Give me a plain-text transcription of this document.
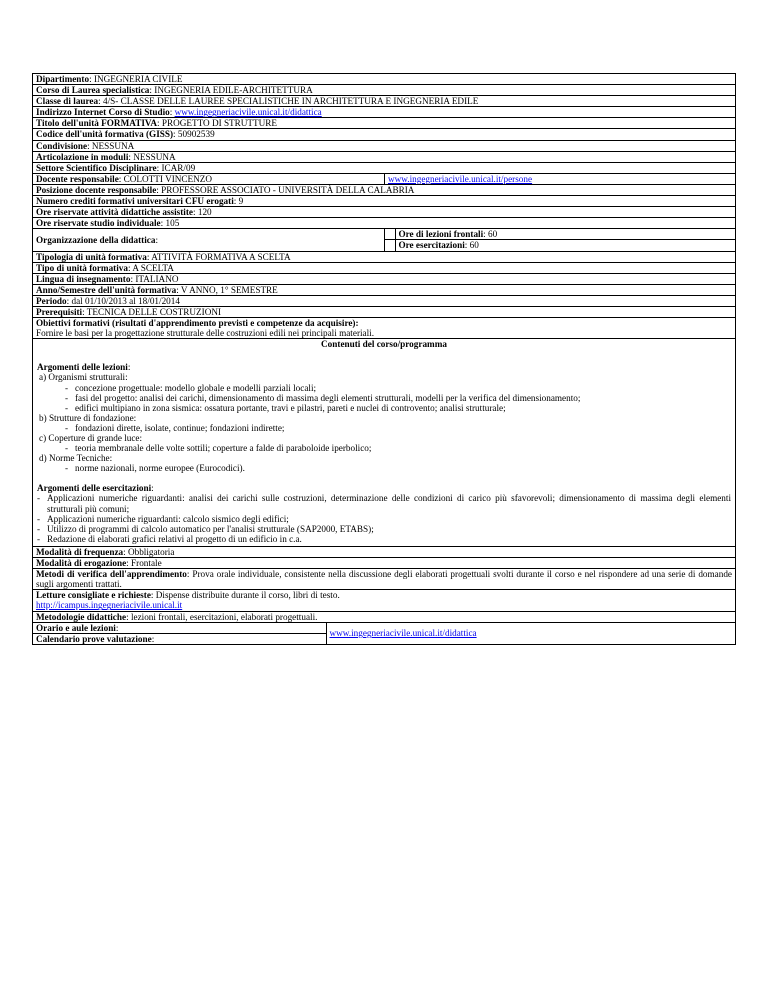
Dipartimento: INGEGNERIA CIVILE
Corso di Laurea specialistica: INGEGNERIA EDILE-ARCHITETTURA
Classe di laurea: 4/S- CLASSE DELLE LAUREE SPECIALISTICHE IN ARCHITETTURA E INGEGNERIA EDILE
Indirizzo Internet Corso di Studio: www.ingegneriacivile.unical.it/didattica
Titolo dell'unità FORMATIVA: PROGETTO DI STRUTTURE
Codice dell'unità formativa (GISS): 50902539
Condivisione: NESSUNA
Articolazione in moduli: NESSUNA
Settore Scientifico Disciplinare: ICAR/09
Docente responsabile: COLOTTI VINCENZO	www.ingegneriacivile.unical.it/persone
Posizione docente responsabile: PROFESSORE ASSOCIATO - UNIVERSITÀ DELLA CALABRIA
Numero crediti formativi universitari CFU erogati: 9
Ore riservate attività didattiche assistite: 120
Ore riservate studio individuale: 105
Organizzazione della didattica:	
	Ore di lezioni frontali: 60
	Ore esercitazioni: 60

Tipologia di unità formativa: ATTIVITÀ FORMATIVA A SCELTA
Tipo di unità formativa: A SCELTA
Lingua di insegnamento: ITALIANO
Anno/Semestre dell'unità formativa: V ANNO, 1° SEMESTRE
Periodo: dal 01/10/2013 al 18/01/2014
Prerequisiti: TECNICA DELLE COSTRUZIONI
Obiettivi formativi (risultati d'apprendimento previsti e competenze da acquisire):
Fornire le basi per la progettazione strutturale delle costruzioni edili nei principali materiali.

Contenuti del corso/programma

Argomenti delle lezioni:

a) Organismi strutturali:

- concezione progettuale: modello globale e modelli parziali locali;
- fasi del progetto: analisi dei carichi, dimensionamento di massima degli elementi strutturali, modelli per la verifica del dimensionamento;
- edifici multipiano in zona sismica: ossatura portante, travi e pilastri, pareti e nuclei di controvento; analisi strutturale;

b) Strutture di fondazione:

- fondazioni dirette, isolate, continue; fondazioni indirette;

c) Coperture di grande luce:

- teoria membranale delle volte sottili; coperture a falde di paraboloide iperbolico;

d) Norme Tecniche:

- norme nazionali, norme europee (Eurocodici).

Argomenti delle esercitazioni:

- Applicazioni numeriche riguardanti: analisi dei carichi sulle costruzioni, determinazione delle condizioni di carico più sfavorevoli; dimensionamento di massima degli elementi strutturali più comuni;
- Applicazioni numeriche riguardanti: calcolo sismico degli edifici;
- Utilizzo di programmi di calcolo automatico per l'analisi strutturale (SAP2000, ETABS);
- Redazione di elaborati grafici relativi al progetto di un edificio in c.a.

Modalità di frequenza: Obbligatoria
Modalità di erogazione: Frontale
Metodi di verifica dell'apprendimento: Prova orale individuale, consistente nella discussione degli elaborati progettuali svolti durante il corso e nel rispondere ad una serie di domande sugli argomenti trattati.
Letture consigliate e richieste: Dispense distribuite durante il corso, libri di testo.
http://icampus.ingegneriacivile.unical.it
Metodologie didattiche: lezioni frontali, esercitazioni, elaborati progettuali.

Orario e aule lezioni:	www.ingegneriacivile.unical.it/didattica
Calendario prove valutazione:
